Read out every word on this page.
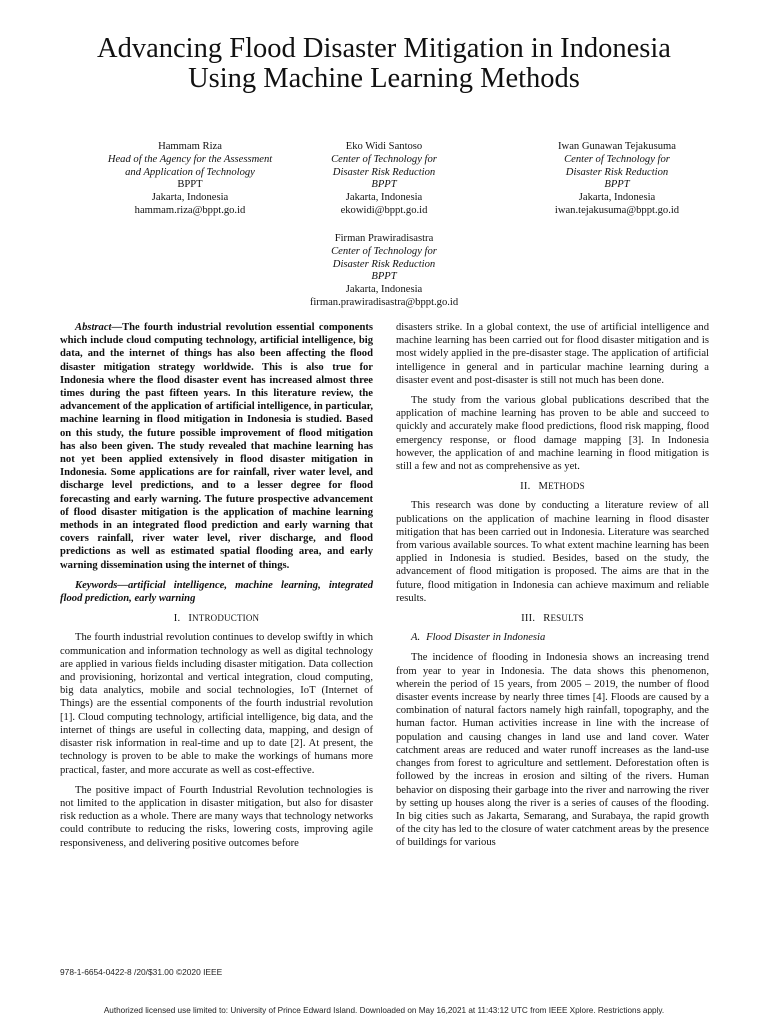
Advancing Flood Disaster Mitigation in Indonesia
Using Machine Learning Methods
Hammam Riza
Head of the Agency for the Assessment
and Application of Technology
BPPT
Jakarta, Indonesia
hammam.riza@bppt.go.id
Eko Widi Santoso
Center of Technology for
Disaster Risk Reduction
BPPT
Jakarta, Indonesia
ekowidi@bppt.go.id
Iwan Gunawan Tejakusuma
Center of Technology for
Disaster Risk Reduction
BPPT
Jakarta, Indonesia
iwan.tejakusuma@bppt.go.id
Firman Prawiradisastra
Center of Technology for
Disaster Risk Reduction
BPPT
Jakarta, Indonesia
firman.prawiradisastra@bppt.go.id

Abstract—The fourth industrial revolution essential components which include cloud computing technology, artificial intelligence, big data, and the internet of things has also been affecting the flood disaster mitigation strategy worldwide. This is also true for Indonesia where the flood disaster event has increased almost three times during the past fifteen years. In this literature review, the advancement of the application of artificial intelligence, in particular, machine learning in flood mitigation in Indonesia is studied. Based on this study, the future possible improvement of flood mitigation has also been given. The study revealed that machine learning has not yet been applied extensively in flood disaster mitigation in Indonesia. Some applications are for rainfall, river water level, and discharge level predictions, and to a lesser degree for flood forecasting and early warning. The future prospective advancement of flood disaster mitigation is the application of machine learning methods in an integrated flood prediction and early warning that covers rainfall, river water level, river discharge, and flood predictions as well as estimated spatial flooding area, and early warning dissemination using the internet of things.

Keywords—artificial intelligence, machine learning, integrated flood prediction, early warning

I. INTRODUCTION

The fourth industrial revolution continues to develop swiftly in which communication and information technology as well as digital technology are applied in various fields including disaster mitigation. Data collection and provisioning, horizontal and vertical integration, cloud computing, big data analytics, mobile and social technologies, IoT (Internet of Things) are the essential components of the fourth industrial revolution [1]. Cloud computing technology, artificial intelligence, big data, and the internet of things are useful in collecting data, mapping, and design of disaster risk information in real-time and up to date [2]. At present, the technology is proven to be able to make the workings of humans more practical, faster, and more accurate as well as cost-effective.

The positive impact of Fourth Industrial Revolution technologies is not limited to the application in disaster mitigation, but also for disaster risk reduction as a whole. There are many ways that technology networks could contribute to reducing the risks, lowering costs, improving agile responsiveness, and delivering positive outcomes before

disasters strike. In a global context, the use of artificial intelligence and machine learning has been carried out for flood disaster mitigation and is most widely applied in the pre-disaster stage. The application of artificial intelligence in general and in particular machine learning during a disaster event and post-disaster is still not much has been done.

The study from the various global publications described that the application of machine learning has proven to be able and succeed to quickly and accurately make flood predictions, flood risk mapping, flood emergency response, or flood damage mapping [3]. In Indonesia however, the application of and machine learning in flood mitigation is still a few and not as comprehensive as yet.

II. METHODS

This research was done by conducting a literature review of all publications on the application of machine learning in flood disaster mitigation that has been carried out in Indonesia. Literature was searched from various available sources. To what extent machine learning has been applied in Indonesia is studied. Besides, based on the study, the advancement of flood mitigation is proposed. The aims are that in the future, flood mitigation in Indonesia can achieve maximum and reliable results.

III. RESULTS

A. Flood Disaster in Indonesia

The incidence of flooding in Indonesia shows an increasing trend from year to year in Indonesia. The data shows this phenomenon, wherein the period of 15 years, from 2005 – 2019, the number of flood disaster events increase by nearly three times [4]. Floods are caused by a combination of natural factors namely high rainfall, topography, and the human factor. Human activities increase in line with the increase of population and causing changes in land use and land cover. Water catchment areas are reduced and water runoff increases as the land-use changes from forest to agriculture and settlement. Deforestation often is followed by the increas in erosion and silting of the rivers. Human behavior on disposing their garbage into the river and narrowing the river by setting up houses along the river is a series of causes of the flooding. In big cities such as Jakarta, Semarang, and Surabaya, the rapid growth of the city has led to the closure of water catchment areas by the presence of buildings for various

978-1-6654-0422-8 /20/$31.00 ©2020 IEEE
Authorized licensed use limited to: University of Prince Edward Island. Downloaded on May 16,2021 at 11:43:12 UTC from IEEE Xplore. Restrictions apply.
